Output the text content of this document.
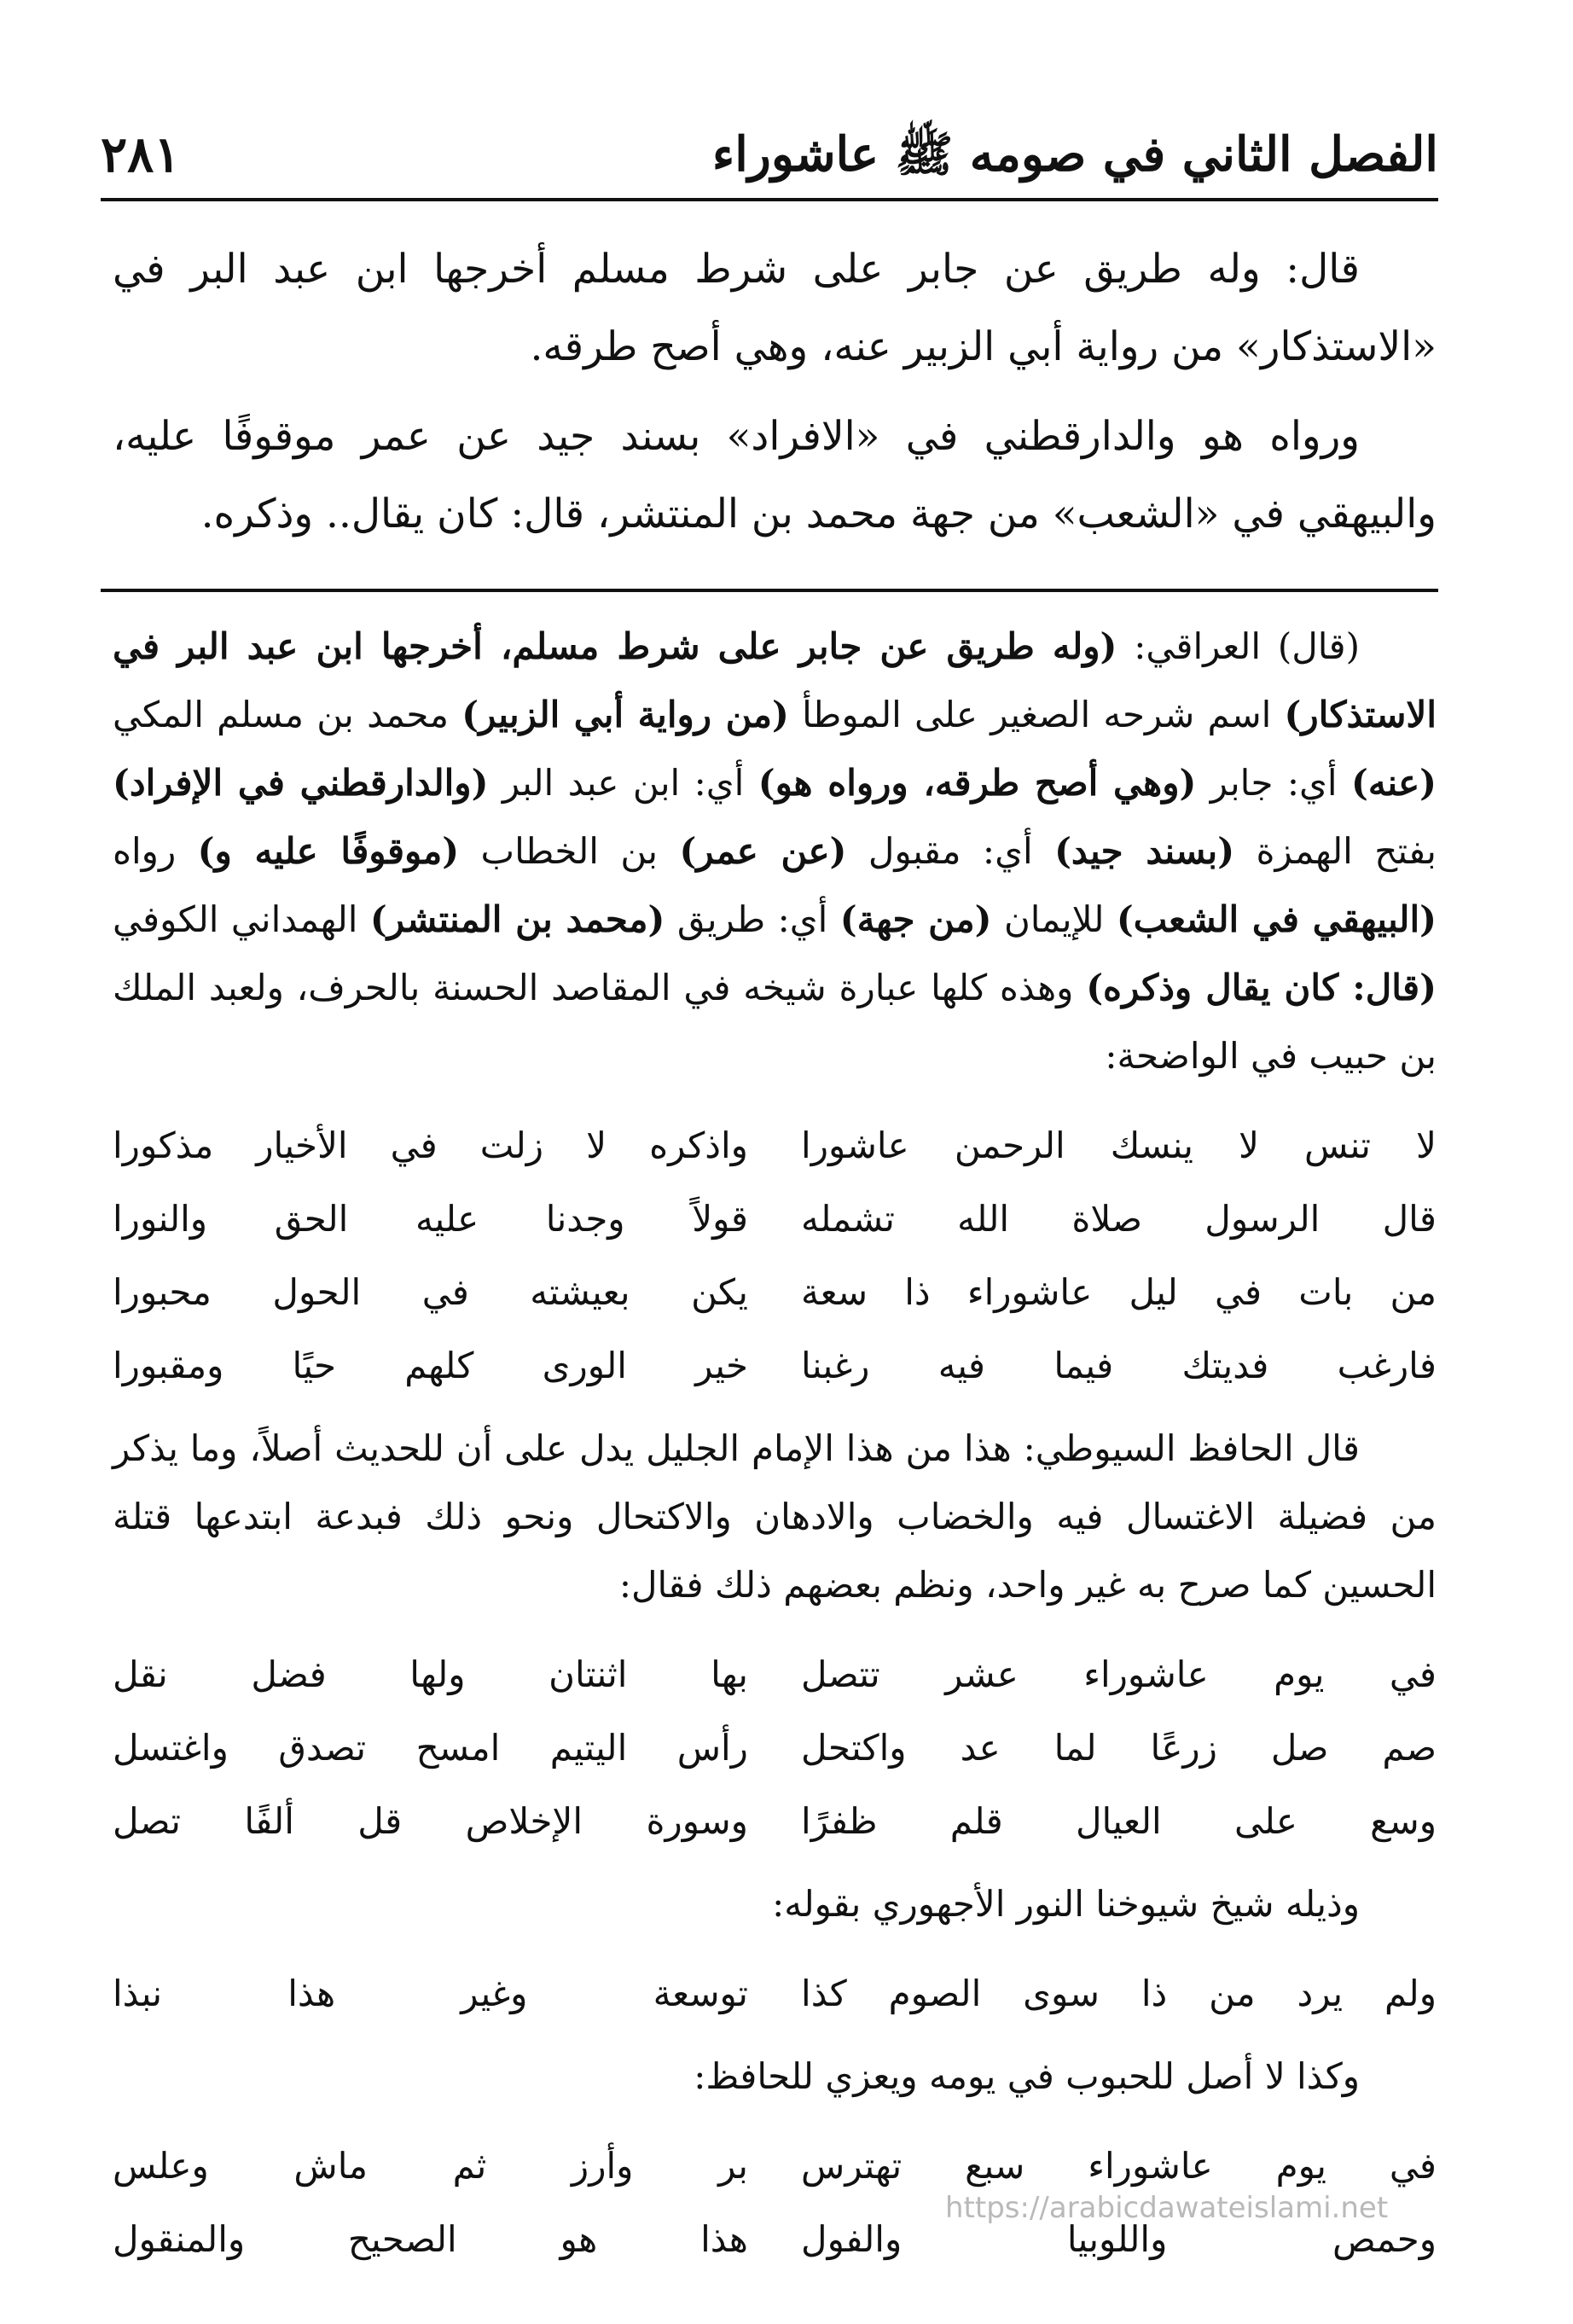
الفصل الثاني في صومه ﷺ عاشوراء
٢٨١

قال: وله طريق عن جابر على شرط مسلم أخرجها ابن عبد البر في «الاستذكار» من رواية أبي الزبير عنه، وهي أصح طرقه.

ورواه هو والدارقطني في «الافراد» بسند جيد عن عمر موقوفًا عليه، والبيهقي في «الشعب» من جهة محمد بن المنتشر، قال: كان يقال.. وذكره.

(قال) العراقي: (وله طريق عن جابر على شرط مسلم، أخرجها ابن عبد البر في الاستذكار) اسم شرحه الصغير على الموطأ (من رواية أبي الزبير) محمد بن مسلم المكي (عنه) أي: جابر (وهي أصح طرقه، ورواه هو) أي: ابن عبد البر (والدارقطني في الإفراد) بفتح الهمزة (بسند جيد) أي: مقبول (عن عمر) بن الخطاب (موقوفًا عليه و) رواه (البيهقي في الشعب) للإيمان (من جهة) أي: طريق (محمد بن المنتشر) الهمداني الكوفي (قال: كان يقال وذكره) وهذه كلها عبارة شيخه في المقاصد الحسنة بالحرف، ولعبد الملك بن حبيب في الواضحة:

لا تنس لا ينسك الرحمن عاشورا
واذكره لا زلت في الأخيار مذكورا
قال الرسول صلاة الله تشمله
قولاً وجدنا عليه الحق والنورا
من بات في ليل عاشوراء ذا سعة
يكن بعيشته في الحول محبورا
فارغب فديتك فيما فيه رغبنا
خير الورى كلهم حيًا ومقبورا

قال الحافظ السيوطي: هذا من هذا الإمام الجليل يدل على أن للحديث أصلاً، وما يذكر من فضيلة الاغتسال فيه والخضاب والادهان والاكتحال ونحو ذلك فبدعة ابتدعها قتلة الحسين كما صرح به غير واحد، ونظم بعضهم ذلك فقال:

في يوم عاشوراء عشر تتصل
بها اثنتان ولها فضل نقل
صم صل زرعًا لما عد واكتحل
رأس اليتيم امسح تصدق واغتسل
وسع على العيال قلم ظفرًا
وسورة الإخلاص قل ألفًا تصل

وذيله شيخ شيوخنا النور الأجهوري بقوله:

ولم يرد من ذا سوى الصوم كذا
توسعة وغير هذا نبذا

وكذا لا أصل للحبوب في يومه ويعزي للحافظ:

في يوم عاشوراء سبع تهترس
بر وأرز ثم ماش وعلس
وحمص واللوبيا والفول
هذا هو الصحيح والمنقول
https://arabicdawateislami.net
